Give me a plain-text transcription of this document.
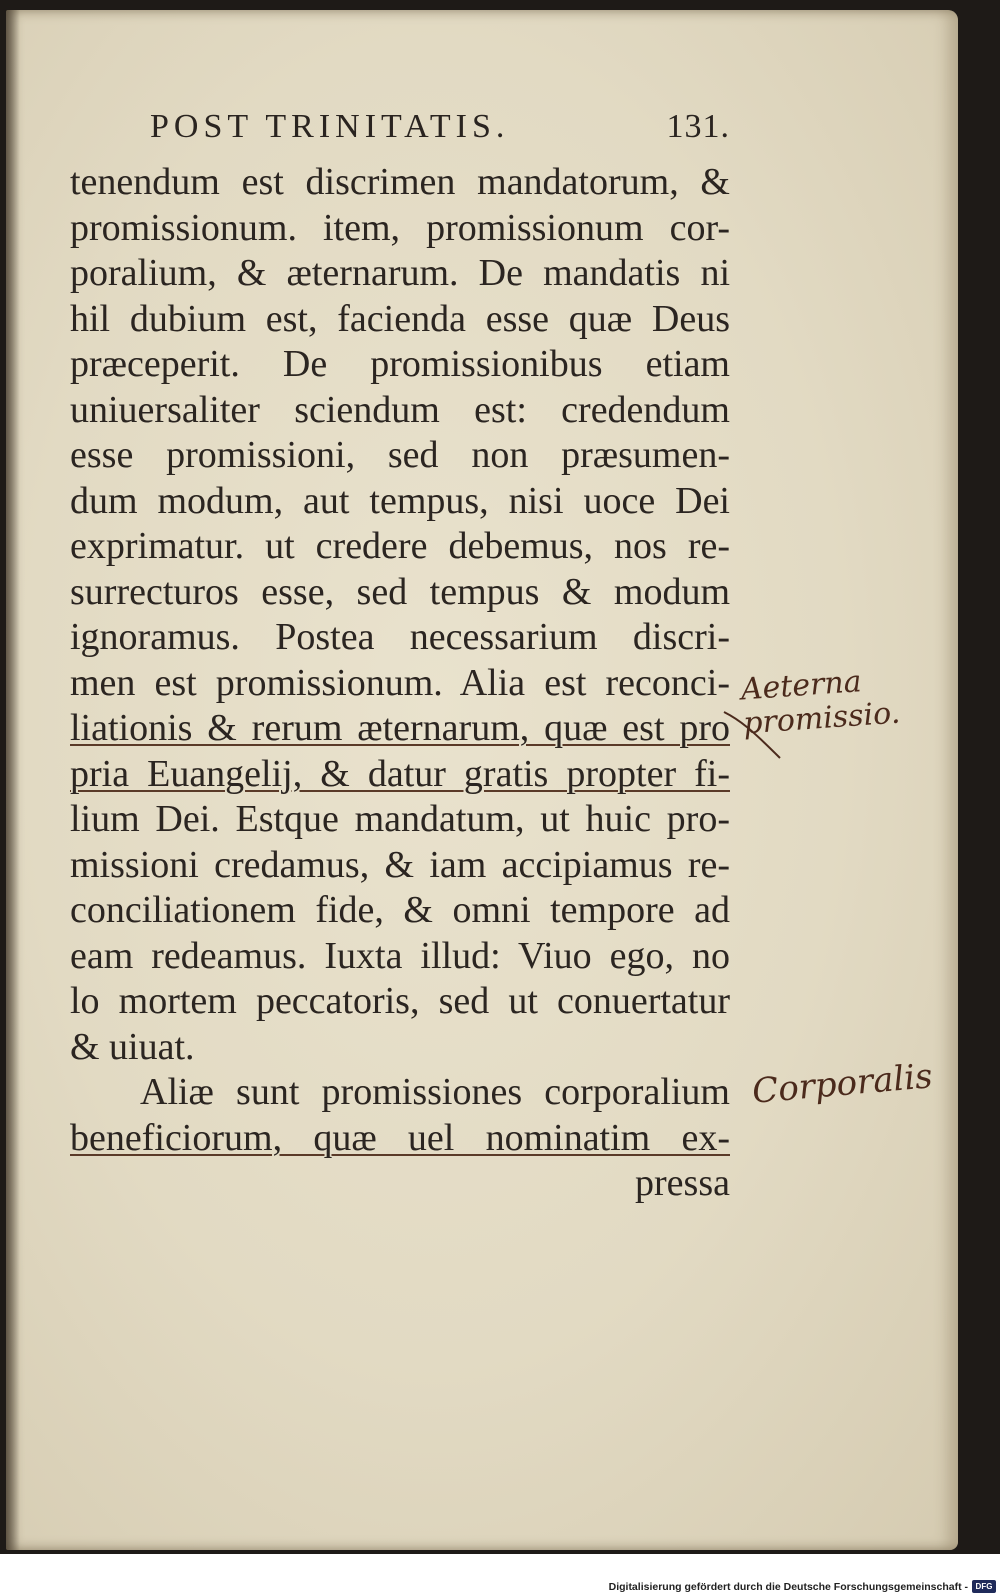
POST TRINITATIS.	131.
tenendum est discrimen mandatorum, &
promissionum. item, promissionum cor-
poralium, & æternarum. De mandatis ni
hil dubium est, facienda esse quæ Deus
præceperit. De promissionibus etiam
uniuersaliter sciendum est: credendum
esse promissioni, sed non præsumen-
dum modum, aut tempus, nisi uoce Dei
exprimatur. ut credere debemus, nos re-
surrecturos esse, sed tempus & modum
ignoramus. Postea necessarium discri-
men est promissionum. Alia est reconci-
liationis & rerum æternarum, quæ est pro
pria Euangelij, & datur gratis propter fi-
lium Dei. Estque mandatum, ut huic pro-
missioni credamus, & iam accipiamus re-
conciliationem fide, & omni tempore ad
eam redeamus. Iuxta illud: Viuo ego, no
lo mortem peccatoris, sed ut conuertatur
& uiuat.
Aliæ sunt promissiones corporalium
beneficiorum, quæ uel nominatim ex-
pressa
Aeterna
promissio.
Corporalis
Digitalisierung gefördert durch die Deutsche Forschungsgemeinschaft - DFG
